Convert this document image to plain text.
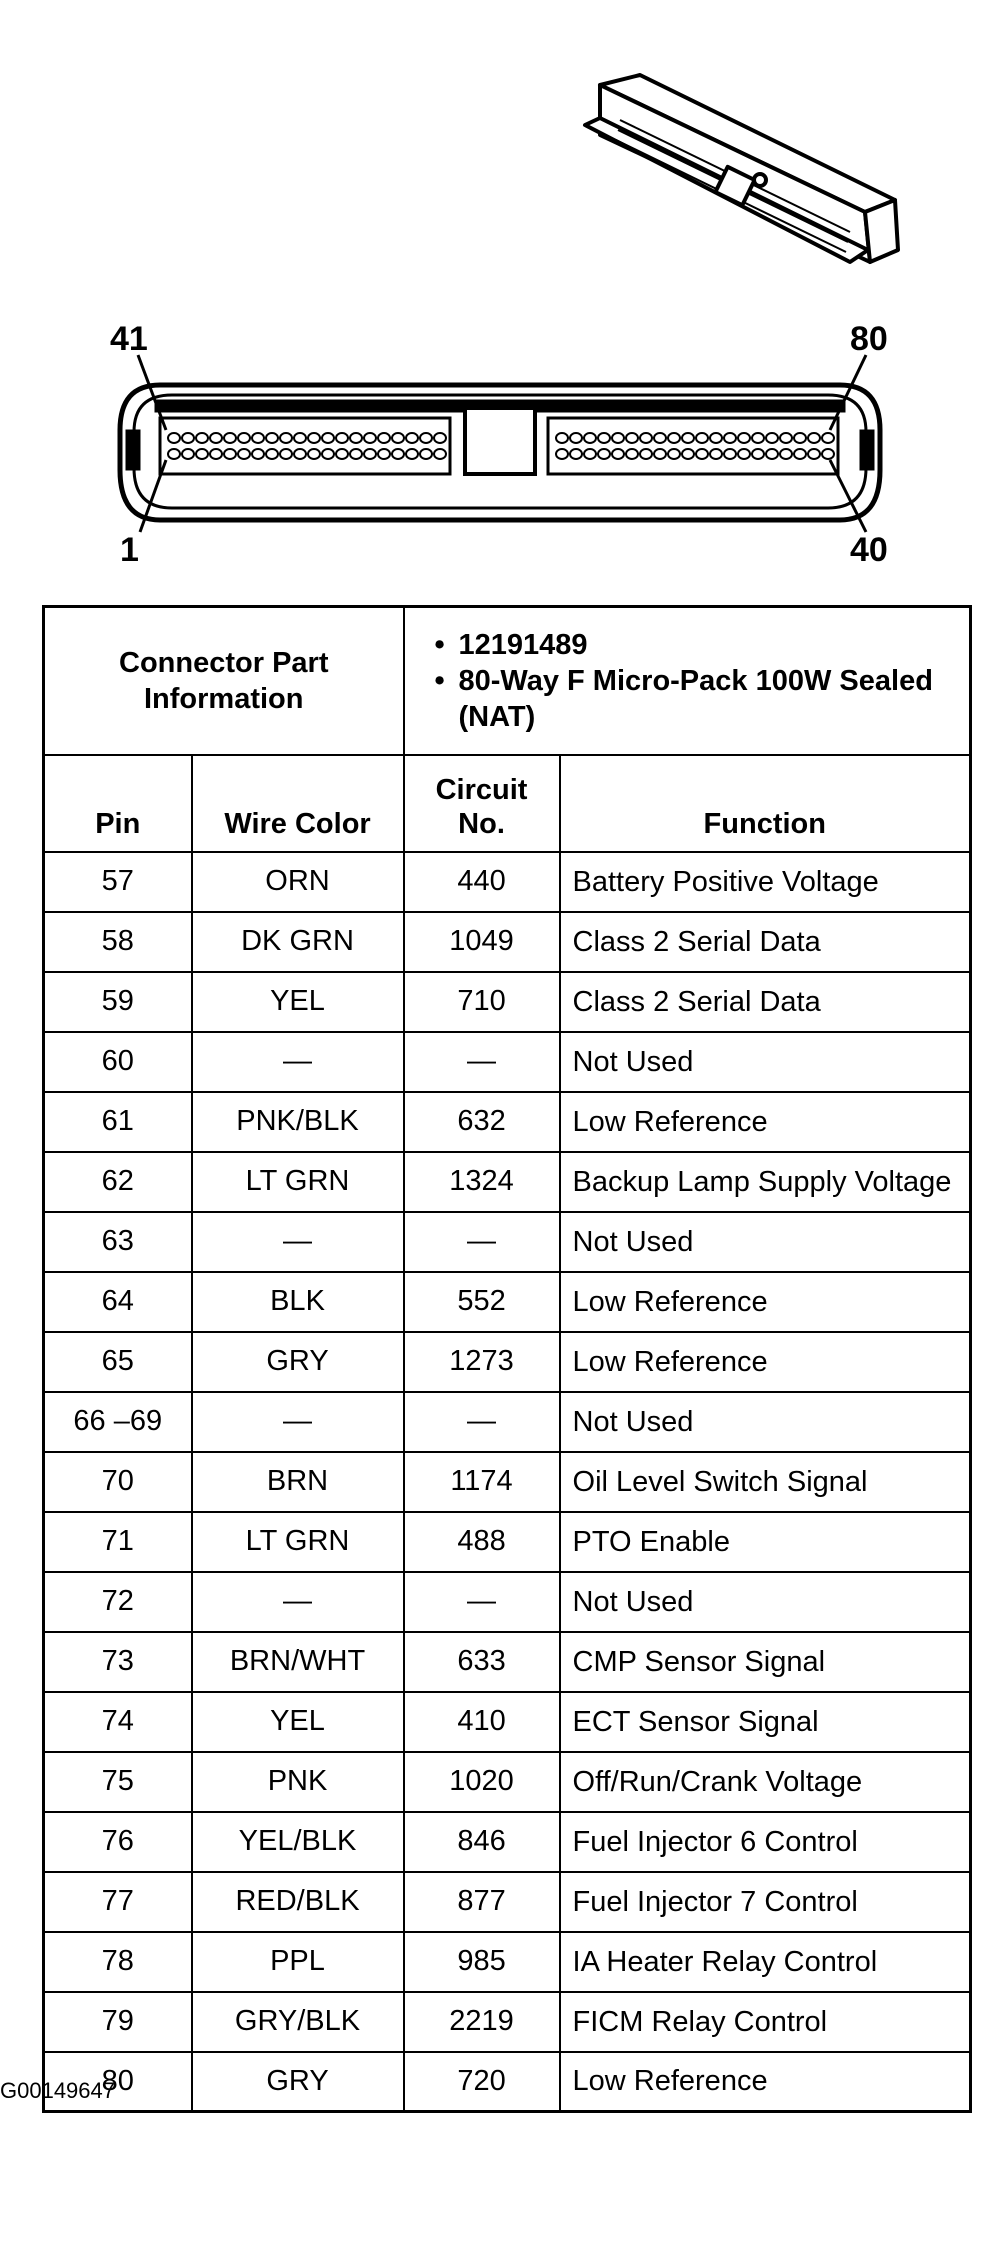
41	80
1	40
Connector Part Information		• 12191489
• 80-Way F Micro-Pack 100W Sealed (NAT)

Pin	Wire Color	Circuit No.	Function
57	ORN	440	Battery Positive Voltage
58	DK GRN	1049	Class 2 Serial Data
59	YEL	710	Class 2 Serial Data
60	—	—	Not Used
61	PNK/BLK	632	Low Reference
62	LT GRN	1324	Backup Lamp Supply Voltage
63	—	—	Not Used
64	BLK	552	Low Reference
65	GRY	1273	Low Reference
66 –69	—	—	Not Used
70	BRN	1174	Oil Level Switch Signal
71	LT GRN	488	PTO Enable
72	—	—	Not Used
73	BRN/WHT	633	CMP Sensor Signal
74	YEL	410	ECT Sensor Signal
75	PNK	1020	Off/Run/Crank Voltage
76	YEL/BLK	846	Fuel Injector 6 Control
77	RED/BLK	877	Fuel Injector 7 Control
78	PPL	985	IA Heater Relay Control
79	GRY/BLK	2219	FICM Relay Control
80	GRY	720	Low Reference
G00149647
